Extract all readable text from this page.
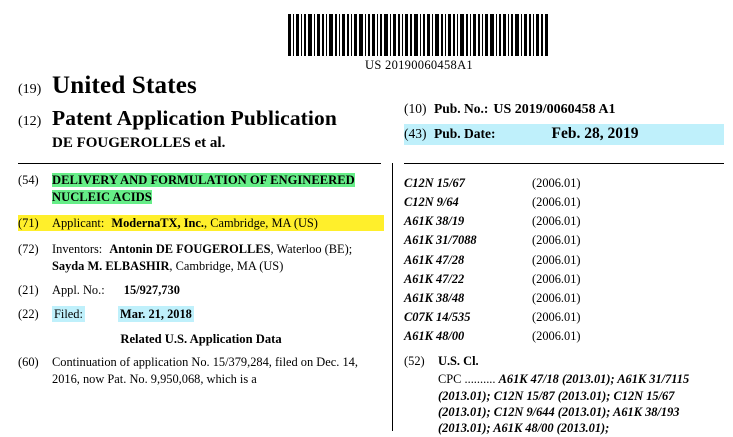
US 20190060458A1
(19) United States
(12) Patent Application Publication
DE FOUGEROLLES et al.
(10) Pub. No.: US 2019/0060458 A1
(43) Pub. Date:	Feb. 28, 2019
(54)	DELIVERY AND FORMULATION OF ENGINEERED NUCLEIC ACIDS
(71)	Applicant: ModernaTX, Inc., Cambridge, MA (US)
(72)	Inventors: Antonin DE FOUGEROLLES, Waterloo (BE); Sayda M. ELBASHIR, Cambridge, MA (US)
(21)	Appl. No.: 15/927,730
(22)	Filed:	Mar. 21, 2018
Related U.S. Application Data
(60)	Continuation of application No. 15/379,284, filed on Dec. 14, 2016, now Pat. No. 9,950,068, which is a
C12N 15/67	(2006.01)
C12N 9/64	(2006.01)
A61K 38/19	(2006.01)
A61K 31/7088	(2006.01)
A61K 47/28	(2006.01)
A61K 47/22	(2006.01)
A61K 38/48	(2006.01)
C07K 14/535	(2006.01)
A61K 48/00	(2006.01)
(52)	U.S. Cl.
CPC .......... A61K 47/18 (2013.01); A61K 31/7115 (2013.01); C12N 15/87 (2013.01); C12N 15/67 (2013.01); C12N 9/644 (2013.01); A61K 38/193 (2013.01); A61K 48/00 (2013.01);
